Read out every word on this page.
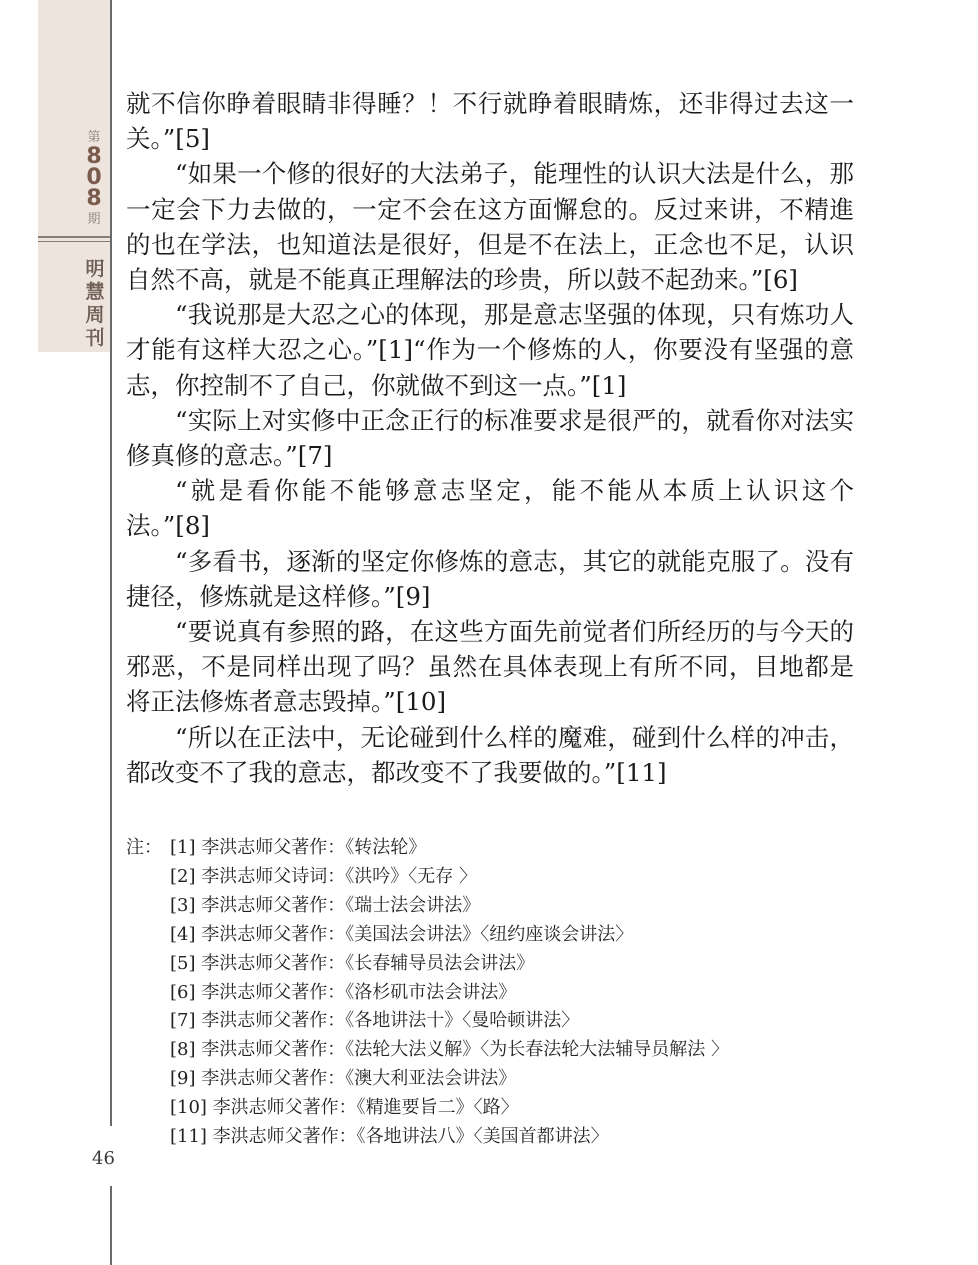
第
8
0
8
期
明
慧
周
刊

就不信你睁着眼睛非得睡？！不行就睁着眼睛炼，还非得过去这一关。”[5]

“如果一个修的很好的大法弟子，能理性的认识大法是什么，那一定会下力去做的，一定不会在这方面懈怠的。反过来讲，不精進的也在学法，也知道法是很好，但是不在法上，正念也不足，认识自然不高，就是不能真正理解法的珍贵，所以鼓不起劲来。”[6]

“我说那是大忍之心的体现，那是意志坚强的体现，只有炼功人才能有这样大忍之心。”[1]“作为一个修炼的人，你要没有坚强的意志，你控制不了自己，你就做不到这一点。”[1]

“实际上对实修中正念正行的标准要求是很严的，就看你对法实修真修的意志。”[7]

“就是看你能不能够意志坚定，能不能从本质上认识这个法。”[8]

“多看书，逐渐的坚定你修炼的意志，其它的就能克服了。没有捷径，修炼就是这样修。”[9]

“要说真有参照的路，在这些方面先前觉者们所经历的与今天的邪恶，不是同样出现了吗？虽然在具体表现上有所不同，目地都是将正法修炼者意志毁掉。”[10]

“所以在正法中，无论碰到什么样的魔难，碰到什么样的冲击，都改变不了我的意志，都改变不了我要做的。”[11]

注： [1] 李洪志师父著作：《转法轮》
[2] 李洪志师父诗词：《洪吟》〈无存 〉
[3] 李洪志师父著作：《瑞士法会讲法》
[4] 李洪志师父著作：《美国法会讲法》〈纽约座谈会讲法〉
[5] 李洪志师父著作：《长春辅导员法会讲法》
[6] 李洪志师父著作：《洛杉矶市法会讲法》
[7] 李洪志师父著作：《各地讲法十》〈曼哈顿讲法〉
[8] 李洪志师父著作：《法轮大法义解》〈为长春法轮大法辅导员解法 〉
[9] 李洪志师父著作：《澳大利亚法会讲法》
[10] 李洪志师父著作：《精進要旨二》〈路〉
[11] 李洪志师父著作：《各地讲法八》〈美国首都讲法〉
46
